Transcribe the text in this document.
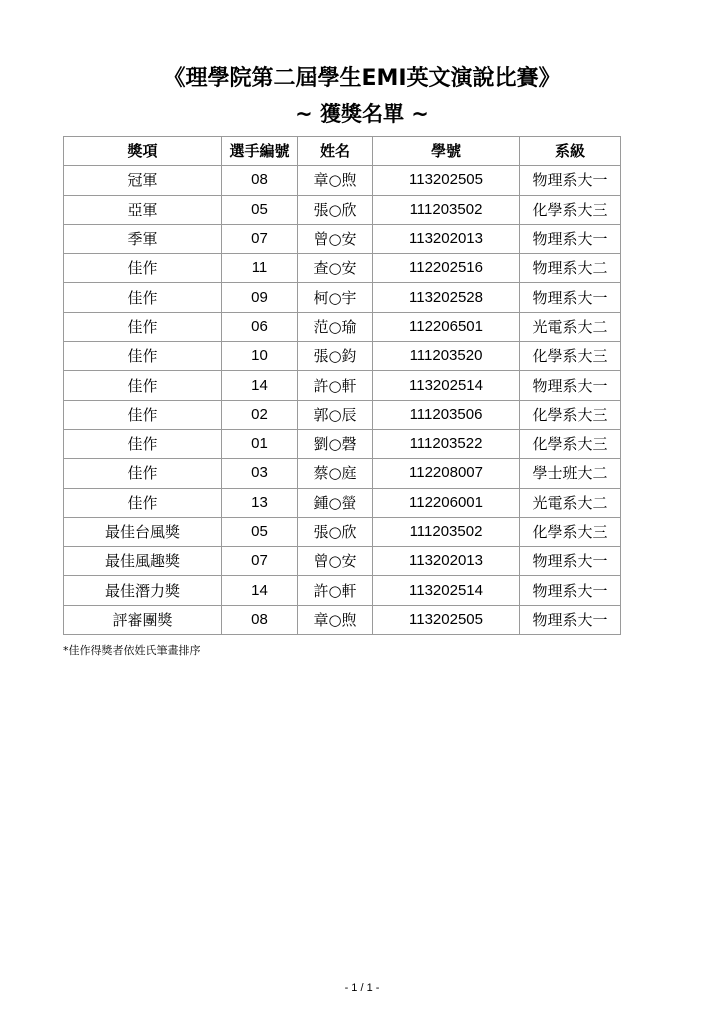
《理學院第二屆學生EMI英文演說比賽》
~ 獲獎名單 ~
獎項	選手編號	姓名	學號	系級
冠軍	08	章○煦	113202505	物理系大一
亞軍	05	張○欣	111203502	化學系大三
季軍	07	曾○安	113202013	物理系大一
佳作	11	查○安	112202516	物理系大二
佳作	09	柯○宇	113202528	物理系大一
佳作	06	范○瑜	112206501	光電系大二
佳作	10	張○鈞	111203520	化學系大三
佳作	14	許○軒	113202514	物理系大一
佳作	02	郭○辰	111203506	化學系大三
佳作	01	劉○磬	111203522	化學系大三
佳作	03	蔡○庭	112208007	學士班大二
佳作	13	鍾○螢	112206001	光電系大二
最佳台風獎	05	張○欣	111203502	化學系大三
最佳風趣獎	07	曾○安	113202013	物理系大一
最佳潛力獎	14	許○軒	113202514	物理系大一
評審團獎	08	章○煦	113202505	物理系大一
*佳作得獎者依姓氏筆畫排序
- 1 / 1 -
